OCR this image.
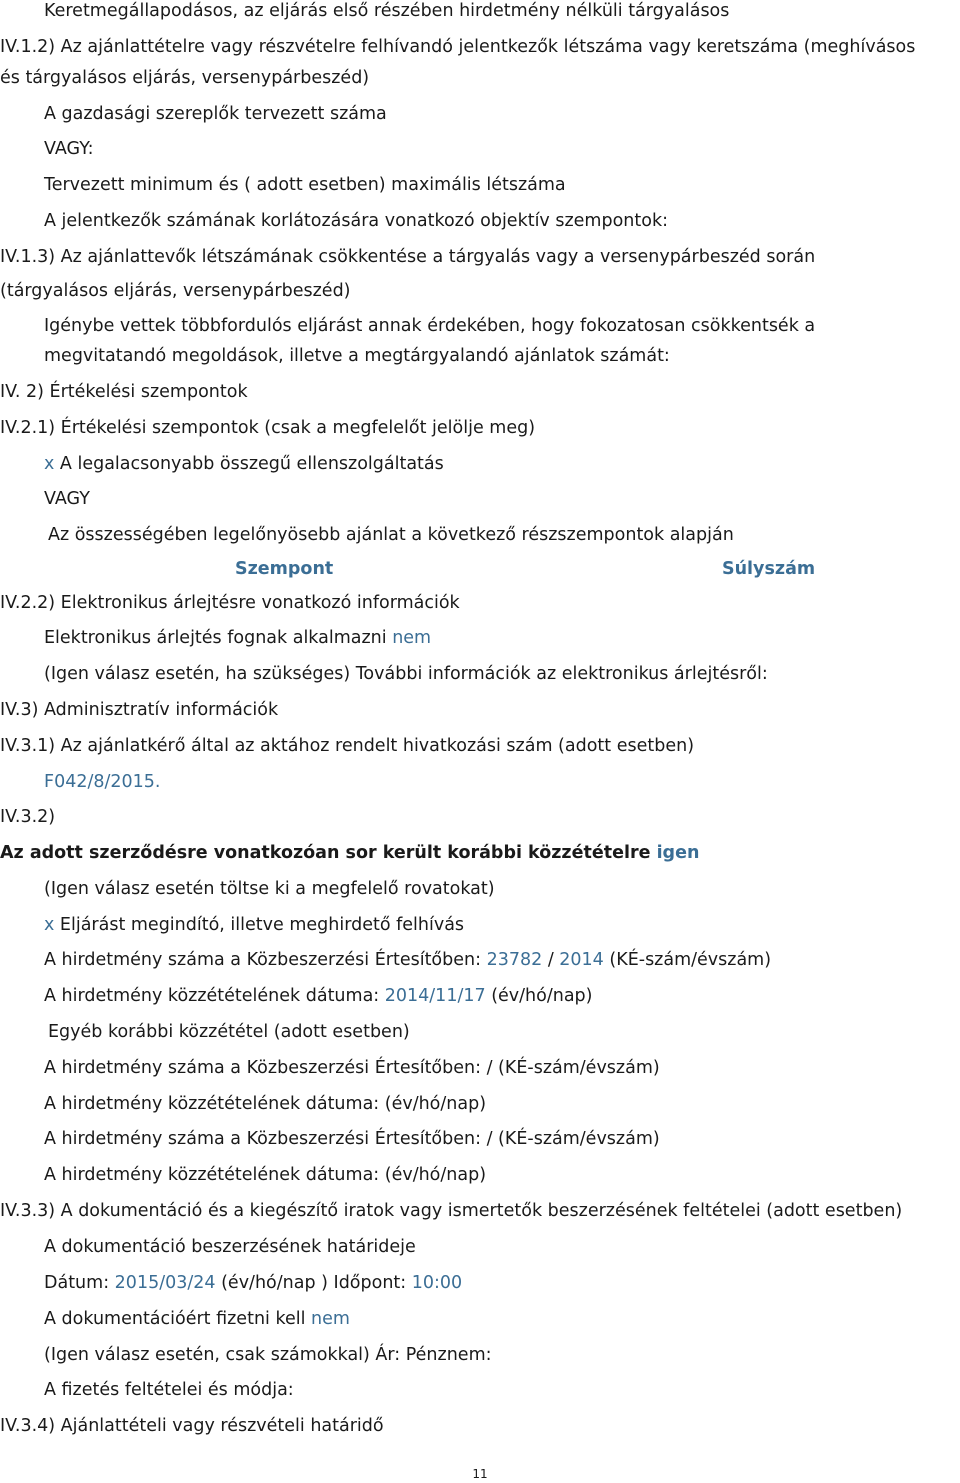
Keretmegállapodásos, az eljárás első részében hirdetmény nélküli tárgyalásos
IV.1.2) Az ajánlattételre vagy részvételre felhívandó jelentkezők létszáma vagy keretszáma (meghívásos
és tárgyalásos eljárás, versenypárbeszéd)
A gazdasági szereplők tervezett száma
VAGY:
Tervezett minimum és ( adott esetben) maximális létszáma
A jelentkezők számának korlátozására vonatkozó objektív szempontok:
IV.1.3) Az ajánlattevők létszámának csökkentése a tárgyalás vagy a versenypárbeszéd során
(tárgyalásos eljárás, versenypárbeszéd)
Igénybe vettek többfordulós eljárást annak érdekében, hogy fokozatosan csökkentsék a
megvitatandó megoldások, illetve a megtárgyalandó ajánlatok számát:
IV. 2) Értékelési szempontok
IV.2.1) Értékelési szempontok (csak a megfelelőt jelölje meg)
x A legalacsonyabb összegű ellenszolgáltatás
VAGY
Az összességében legelőnyösebb ajánlat a következő részszempontok alapján
Szempont	Súlyszám
IV.2.2) Elektronikus árlejtésre vonatkozó információk
Elektronikus árlejtés fognak alkalmazni nem
(Igen válasz esetén, ha szükséges) További információk az elektronikus árlejtésről:
IV.3) Adminisztratív információk
IV.3.1) Az ajánlatkérő által az aktához rendelt hivatkozási szám (adott esetben)
F042/8/2015.
IV.3.2)
Az adott szerződésre vonatkozóan sor került korábbi közzétételre igen
(Igen válasz esetén töltse ki a megfelelő rovatokat)
x Eljárást megindító, illetve meghirdető felhívás
A hirdetmény száma a Közbeszerzési Értesítőben: 23782 / 2014 (KÉ-szám/évszám)
A hirdetmény közzétételének dátuma: 2014/11/17 (év/hó/nap)
Egyéb korábbi közzététel (adott esetben)
A hirdetmény száma a Közbeszerzési Értesítőben: / (KÉ-szám/évszám)
A hirdetmény közzétételének dátuma: (év/hó/nap)
A hirdetmény száma a Közbeszerzési Értesítőben: / (KÉ-szám/évszám)
A hirdetmény közzétételének dátuma: (év/hó/nap)
IV.3.3) A dokumentáció és a kiegészítő iratok vagy ismertetők beszerzésének feltételei (adott esetben)
A dokumentáció beszerzésének határideje
Dátum: 2015/03/24 (év/hó/nap ) Időpont: 10:00
A dokumentációért fizetni kell nem
(Igen válasz esetén, csak számokkal) Ár: Pénznem:
A fizetés feltételei és módja:
IV.3.4) Ajánlattételi vagy részvételi határidő
11
